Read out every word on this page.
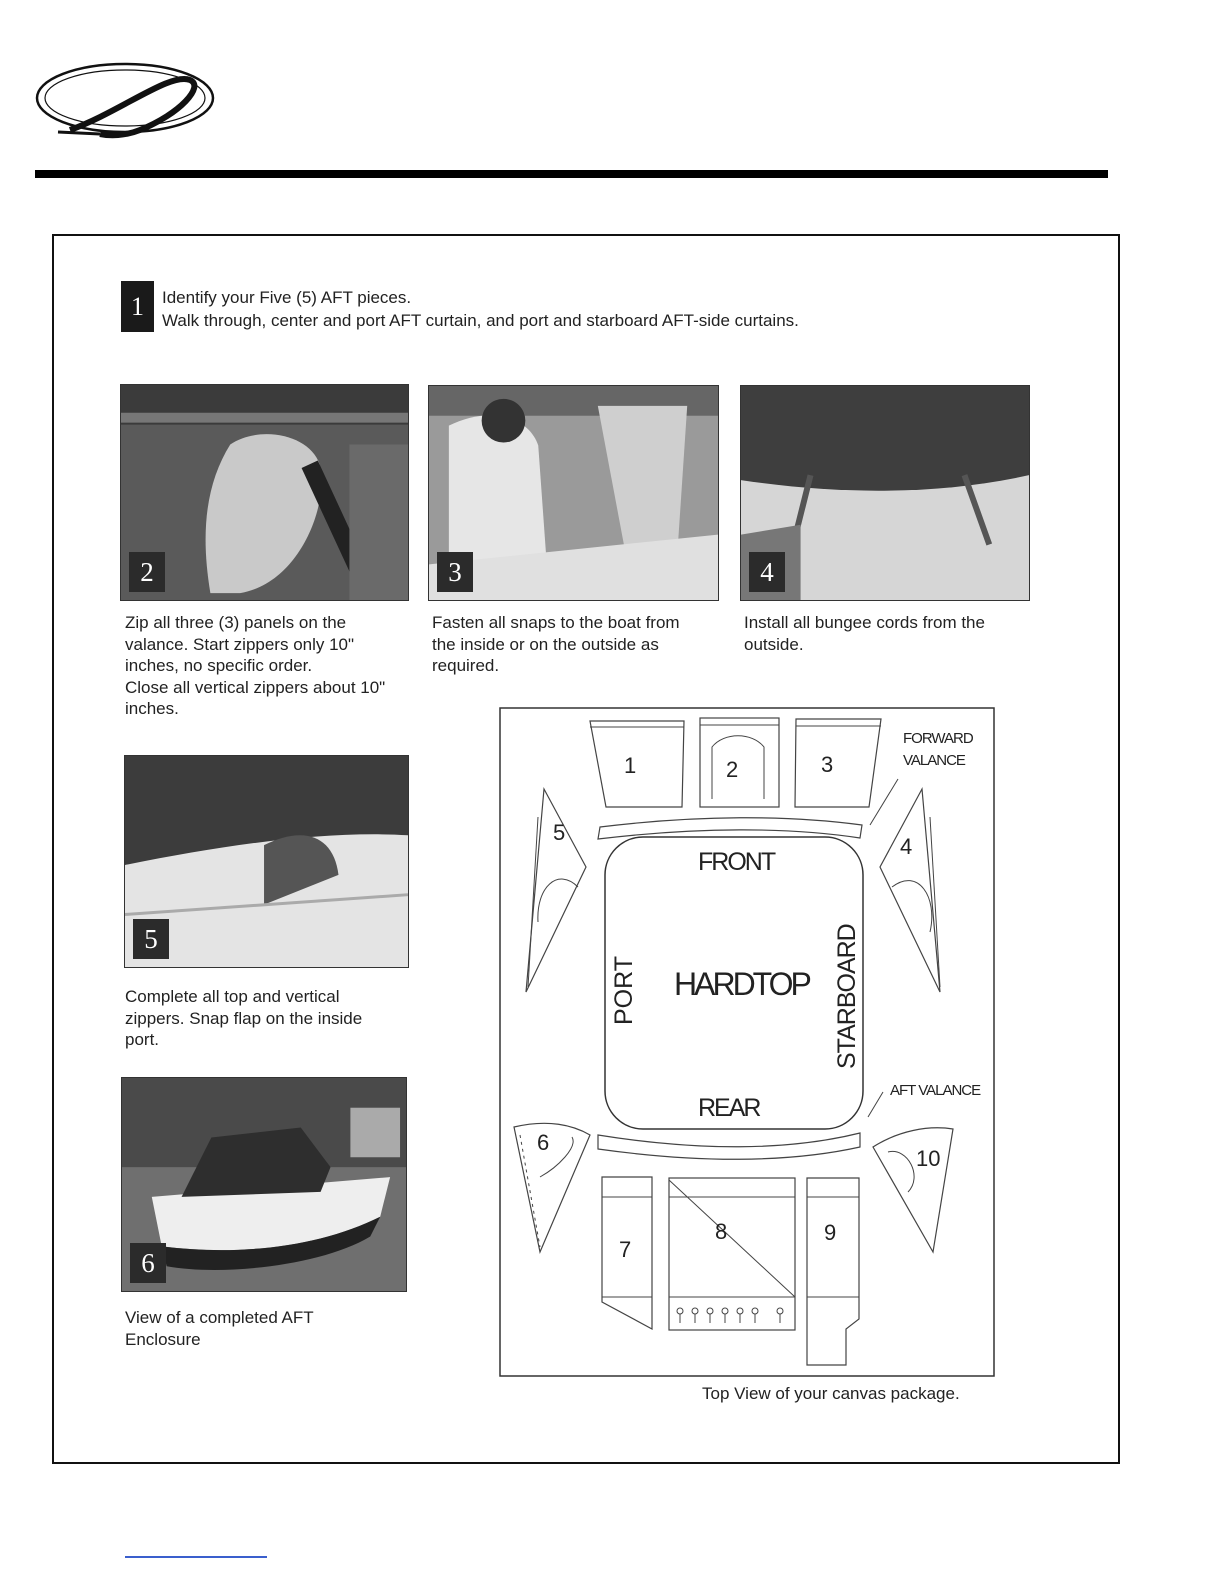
1	Identify your Five (5) AFT pieces.
Walk through, center and port AFT curtain, and port and starboard AFT-side curtains.
2
Zip all three (3) panels on the
valance. Start zippers only 10"
inches, no specific order.
Close all vertical zippers about 10"
inches.
3
Fasten all snaps to the boat from
the inside or on the outside as
required.
4
Install all bungee cords from the
outside.
5
Complete all top and vertical
zippers. Snap flap on the inside
port.
6
View of a completed AFT
Enclosure
1	2	3
FORWARD
VALANCE
5
4
FRONT
HARDTOP
PORT	STARBOARD
REAR
AFT VALANCE
6
10
7
8	9
Top View of your canvas package.
